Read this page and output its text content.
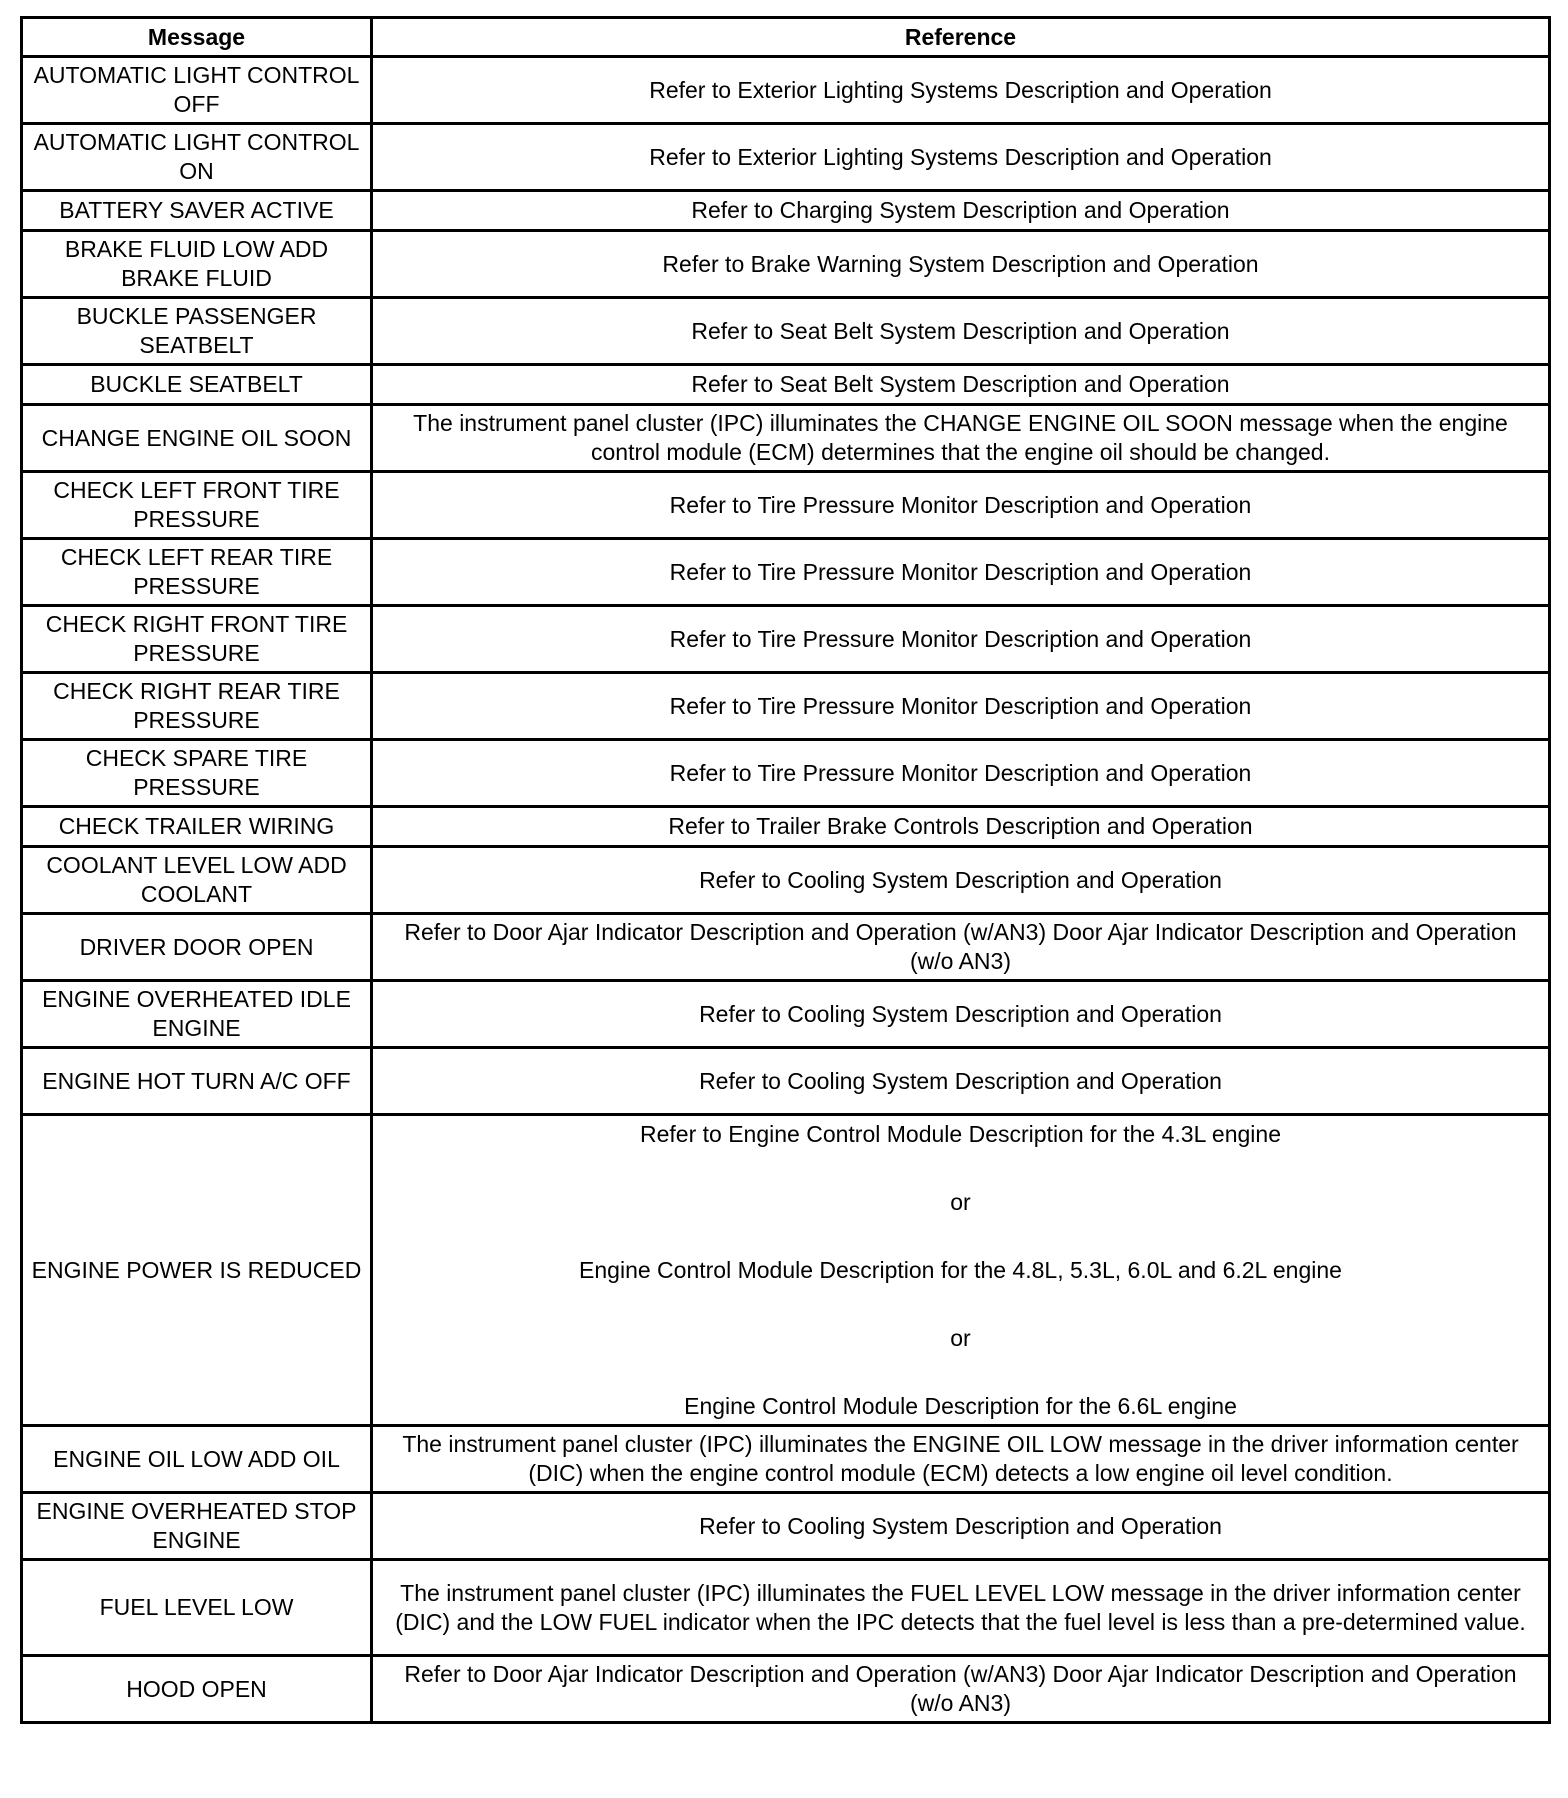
Message	Reference
AUTOMATIC LIGHT CONTROL OFF	Refer to Exterior Lighting Systems Description and Operation
AUTOMATIC LIGHT CONTROL ON	Refer to Exterior Lighting Systems Description and Operation
BATTERY SAVER ACTIVE	Refer to Charging System Description and Operation
BRAKE FLUID LOW ADD BRAKE FLUID	Refer to Brake Warning System Description and Operation
BUCKLE PASSENGER SEATBELT	Refer to Seat Belt System Description and Operation
BUCKLE SEATBELT	Refer to Seat Belt System Description and Operation
CHANGE ENGINE OIL SOON	The instrument panel cluster (IPC) illuminates the CHANGE ENGINE OIL SOON message when the engine control module (ECM) determines that the engine oil should be changed.
CHECK LEFT FRONT TIRE PRESSURE	Refer to Tire Pressure Monitor Description and Operation
CHECK LEFT REAR TIRE PRESSURE	Refer to Tire Pressure Monitor Description and Operation
CHECK RIGHT FRONT TIRE PRESSURE	Refer to Tire Pressure Monitor Description and Operation
CHECK RIGHT REAR TIRE PRESSURE	Refer to Tire Pressure Monitor Description and Operation
CHECK SPARE TIRE PRESSURE	Refer to Tire Pressure Monitor Description and Operation
CHECK TRAILER WIRING	Refer to Trailer Brake Controls Description and Operation
COOLANT LEVEL LOW ADD COOLANT	Refer to Cooling System Description and Operation
DRIVER DOOR OPEN	Refer to Door Ajar Indicator Description and Operation (w/AN3) Door Ajar Indicator Description and Operation (w/o AN3)
ENGINE OVERHEATED IDLE ENGINE	Refer to Cooling System Description and Operation
ENGINE HOT TURN A/C OFF	Refer to Cooling System Description and Operation
ENGINE POWER IS REDUCED	Refer to Engine Control Module Description for the 4.3L engine
or
Engine Control Module Description for the 4.8L, 5.3L, 6.0L and 6.2L engine
or
Engine Control Module Description for the 6.6L engine

ENGINE OIL LOW ADD OIL	The instrument panel cluster (IPC) illuminates the ENGINE OIL LOW message in the driver information center (DIC) when the engine control module (ECM) detects a low engine oil level condition.
ENGINE OVERHEATED STOP ENGINE	Refer to Cooling System Description and Operation
FUEL LEVEL LOW	The instrument panel cluster (IPC) illuminates the FUEL LEVEL LOW message in the driver information center (DIC) and the LOW FUEL indicator when the IPC detects that the fuel level is less than a pre-determined value.
HOOD OPEN	Refer to Door Ajar Indicator Description and Operation (w/AN3) Door Ajar Indicator Description and Operation (w/o AN3)
